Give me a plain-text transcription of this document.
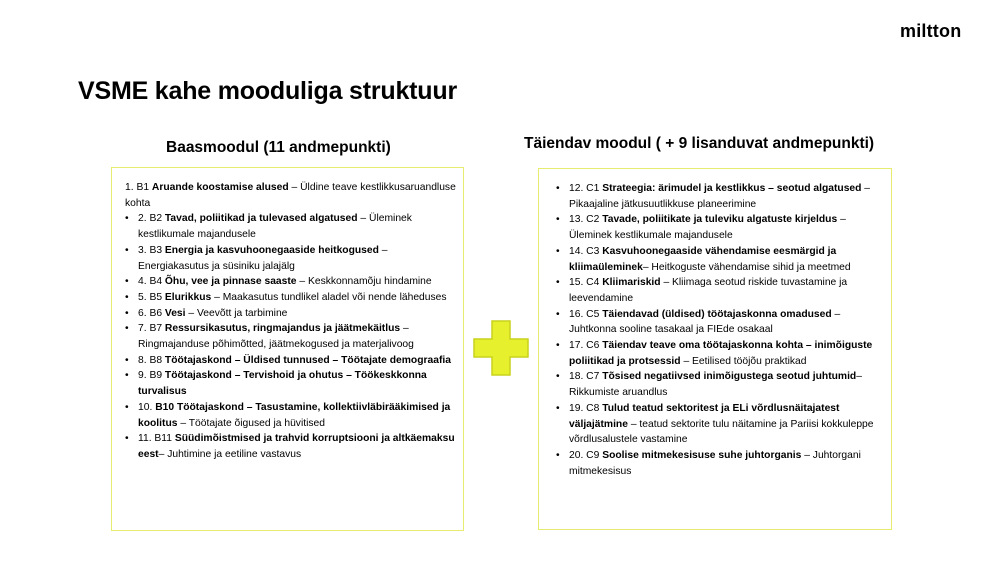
miltton
VSME kahe mooduliga struktuur
Baasmoodul (11 andmepunkti)	Täiendav moodul ( + 9 lisanduvat andmepunkti)
1. B1 Aruande koostamise alused – Üldine teave kestlikkusaruandluse kohta
• 2. B2 Tavad, poliitikad ja tulevased algatused – Üleminek kestlikumale majandusele
• 3. B3 Energia ja kasvuhoonegaaside heitkogused – Energiakasutus ja süsiniku jalajälg
• 4. B4 Õhu, vee ja pinnase saaste – Keskkonnamõju hindamine
• 5. B5 Elurikkus – Maakasutus tundlikel aladel või nende läheduses
• 6. B6 Vesi – Veevõtt ja tarbimine
• 7. B7 Ressursikasutus, ringmajandus ja jäätmekäitlus – Ringmajanduse põhimõtted, jäätmekogused ja materjalivoog
• 8. B8 Töötajaskond – Üldised tunnused – Töötajate demograafia
• 9. B9 Töötajaskond – Tervishoid ja ohutus – Töökeskkonna turvalisus
• 10. B10 Töötajaskond – Tasustamine, kollektiivläbirääkimised ja koolitus – Töötajate õigused ja hüvitised
• 11. B11 Süüdimõistmised ja trahvid korruptsiooni ja altkäemaksu eest– Juhtimine ja eetiline vastavus
• 12. C1 Strateegia: ärimudel ja kestlikkus – seotud algatused – Pikaajaline jätkusuutlikkuse planeerimine
• 13. C2 Tavade, poliitikate ja tuleviku algatuste kirjeldus – Üleminek kestlikumale majandusele
• 14. C3 Kasvuhoonegaaside vähendamise eesmärgid ja kliimaüleminek– Heitkoguste vähendamise sihid ja meetmed
• 15. C4 Kliimariskid – Kliimaga seotud riskide tuvastamine ja leevendamine
• 16. C5 Täiendavad (üldised) töötajaskonna omadused – Juhtkonna sooline tasakaal ja FIEde osakaal
• 17. C6 Täiendav teave oma töötajaskonna kohta – inimõiguste poliitikad ja protsessid – Eetilised tööjõu praktikad
• 18. C7 Tõsised negatiivsed inimõigustega seotud juhtumid– Rikkumiste aruandlus
• 19. C8 Tulud teatud sektoritest ja ELi võrdlusnäitajatest väljajätmine – teatud sektorite tulu näitamine ja Pariisi kokkuleppe võrdlusalustele vastamine
• 20. C9 Soolise mitmekesisuse suhe juhtorganis – Juhtorgani mitmekesisus
